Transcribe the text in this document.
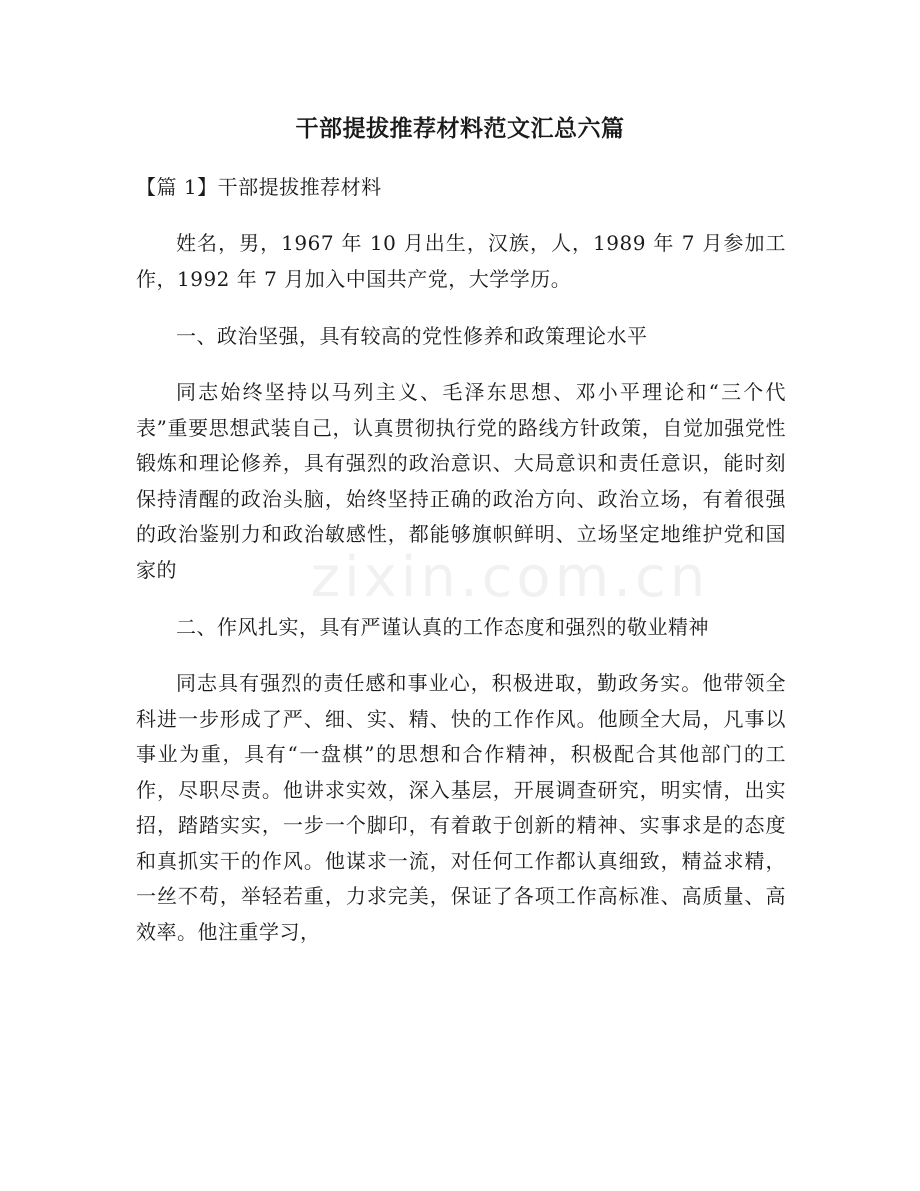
干部提拔推荐材料范文汇总六篇
【篇 1】干部提拔推荐材料

姓名，男，1967 年 10 月出生，汉族，人，1989 年 7 月参加工作，1992 年 7 月加入中国共产党，大学学历。

一、政治坚强，具有较高的党性修养和政策理论水平

同志始终坚持以马列主义、毛泽东思想、邓小平理论和“三个代表”重要思想武装自己，认真贯彻执行党的路线方针政策，自觉加强党性锻炼和理论修养，具有强烈的政治意识、大局意识和责任意识，能时刻保持清醒的政治头脑，始终坚持正确的政治方向、政治立场，有着很强的政治鉴别力和政治敏感性，都能够旗帜鲜明、立场坚定地维护党和国家的

二、作风扎实，具有严谨认真的工作态度和强烈的敬业精神

同志具有强烈的责任感和事业心，积极进取，勤政务实。他带领全科进一步形成了严、细、实、精、快的工作作风。他顾全大局，凡事以事业为重，具有“一盘棋”的思想和合作精神，积极配合其他部门的工作，尽职尽责。他讲求实效，深入基层，开展调查研究，明实情，出实招，踏踏实实，一步一个脚印，有着敢于创新的精神、实事求是的态度和真抓实干的作风。他谋求一流，对任何工作都认真细致，精益求精，一丝不苟，举轻若重，力求完美，保证了各项工作高标准、高质量、高效率。他注重学习，

zixin.com.cn
